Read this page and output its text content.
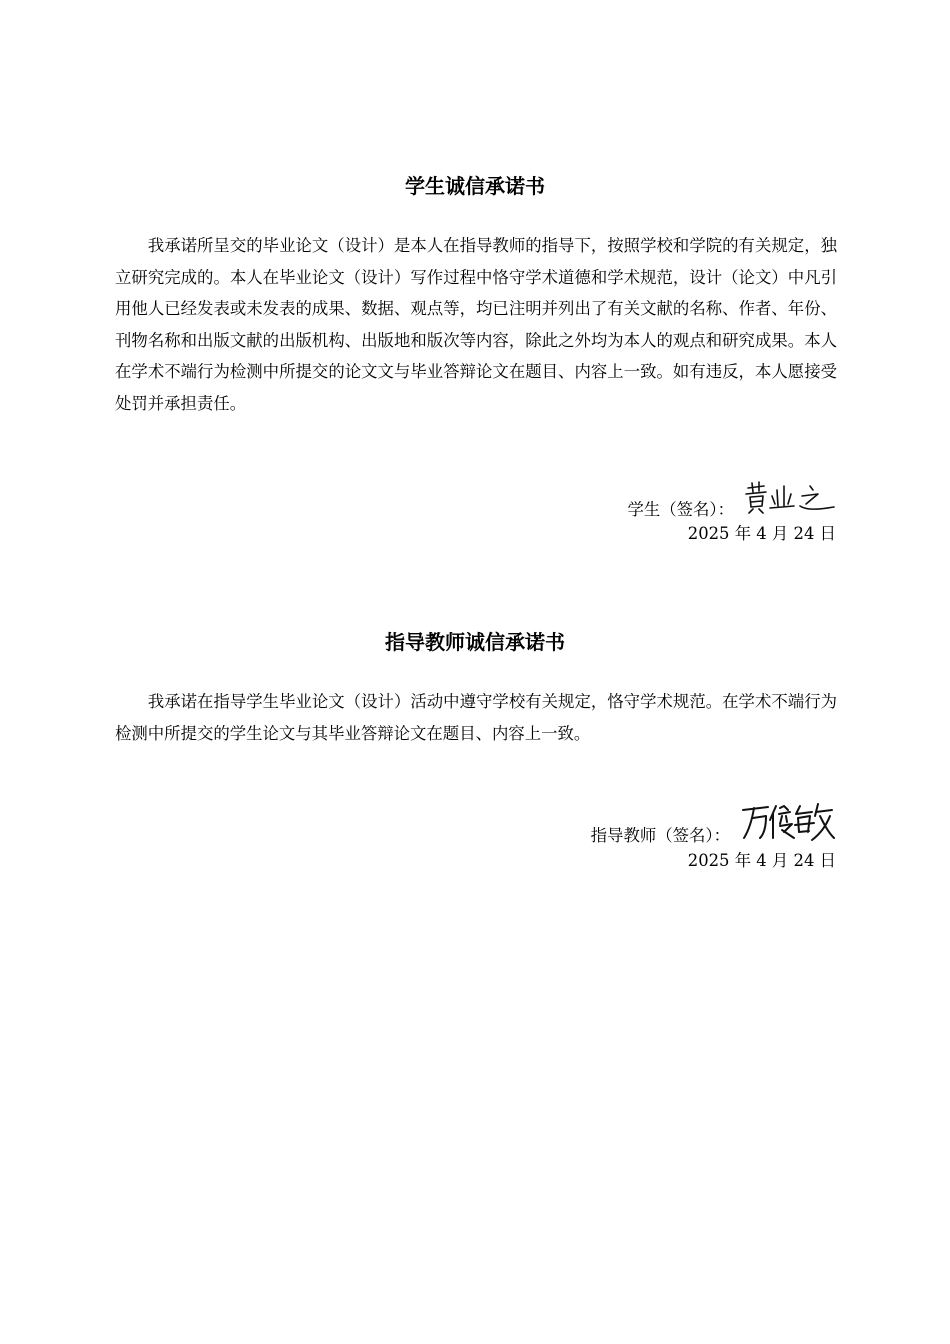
学生诚信承诺书
我承诺所呈交的毕业论文（设计）是本人在指导教师的指导下，按照学校和学院的有关规定，独立研究完成的。本人在毕业论文（设计）写作过程中恪守学术道德和学术规范，设计（论文）中凡引用他人已经发表或未发表的成果、数据、观点等，均已注明并列出了有关文献的名称、作者、年份、刊物名称和出版文献的出版机构、出版地和版次等内容，除此之外均为本人的观点和研究成果。本人在学术不端行为检测中所提交的论文文与毕业答辩论文在题目、内容上一致。如有违反，本人愿接受处罚并承担责任。
学生（签名）：
2025 年 4 月 24 日
指导教师诚信承诺书
我承诺在指导学生毕业论文（设计）活动中遵守学校有关规定，恪守学术规范。在学术不端行为检测中所提交的学生论文与其毕业答辩论文在题目、内容上一致。
指导教师（签名）：
2025 年 4 月 24 日
